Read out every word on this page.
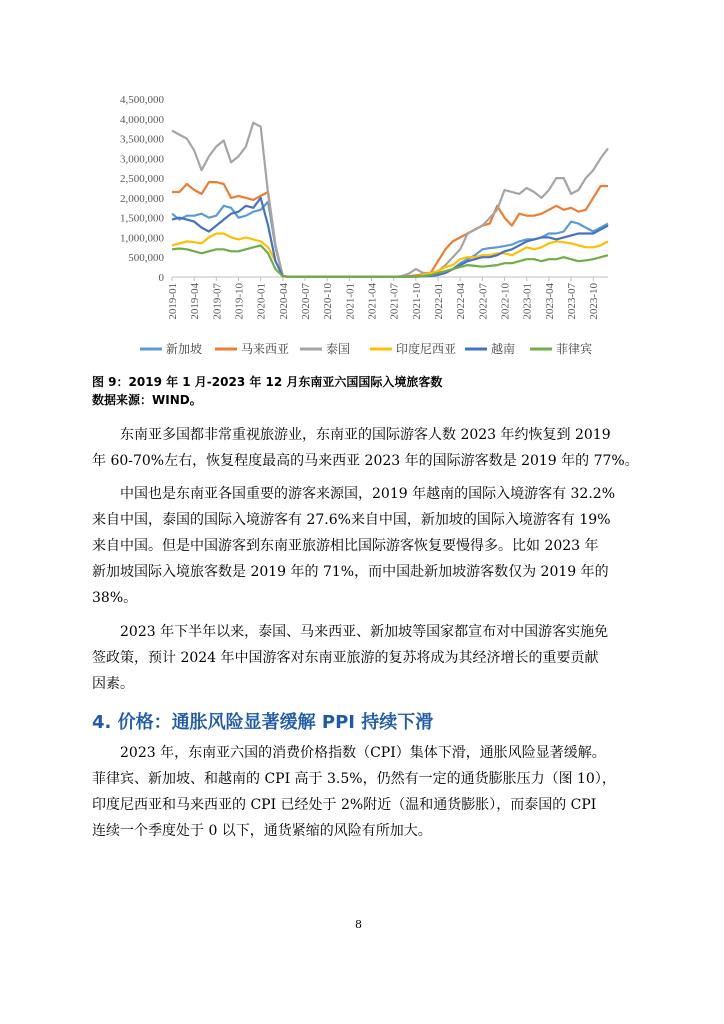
0
500,000
1,000,000
1,500,000
2,000,000
2,500,000
3,000,000
3,500,000
4,000,000
4,500,000
2019-01 2019-04 2019-07 2019-10 2020-01 2020-04 2020-07 2020-10 2021-01 2021-04 2021-07 2021-10 2022-01 2022-04 2022-07 2022-10 2023-01 2023-04 2023-07 2023-10
新加坡	马来西亚	泰国	印度尼西亚	越南	菲律宾
图 9：2019 年 1 月-2023 年 12 月东南亚六国国际入境旅客数
数据来源：WIND。

东南亚多国都非常重视旅游业，东南亚的国际游客人数 2023 年约恢复到 2019
年 60-70%左右，恢复程度最高的马来西亚 2023 年的国际游客数是 2019 年的 77%。

中国也是东南亚各国重要的游客来源国，2019 年越南的国际入境游客有 32.2%
来自中国，泰国的国际入境游客有 27.6%来自中国，新加坡的国际入境游客有 19%
来自中国。但是中国游客到东南亚旅游相比国际游客恢复要慢得多。比如 2023 年
新加坡国际入境旅客数是 2019 年的 71%，而中国赴新加坡游客数仅为 2019 年的
38%。

2023 年下半年以来，泰国、马来西亚、新加坡等国家都宣布对中国游客实施免
签政策，预计 2024 年中国游客对东南亚旅游的复苏将成为其经济增长的重要贡献
因素。

4. 价格：通胀风险显著缓解 PPI 持续下滑

2023 年，东南亚六国的消费价格指数（CPI）集体下滑，通胀风险显著缓解。
菲律宾、新加坡、和越南的 CPI 高于 3.5%，仍然有一定的通货膨胀压力（图 10），
印度尼西亚和马来西亚的 CPI 已经处于 2%附近（温和通货膨胀），而泰国的 CPI
连续一个季度处于 0 以下，通货紧缩的风险有所加大。

8
